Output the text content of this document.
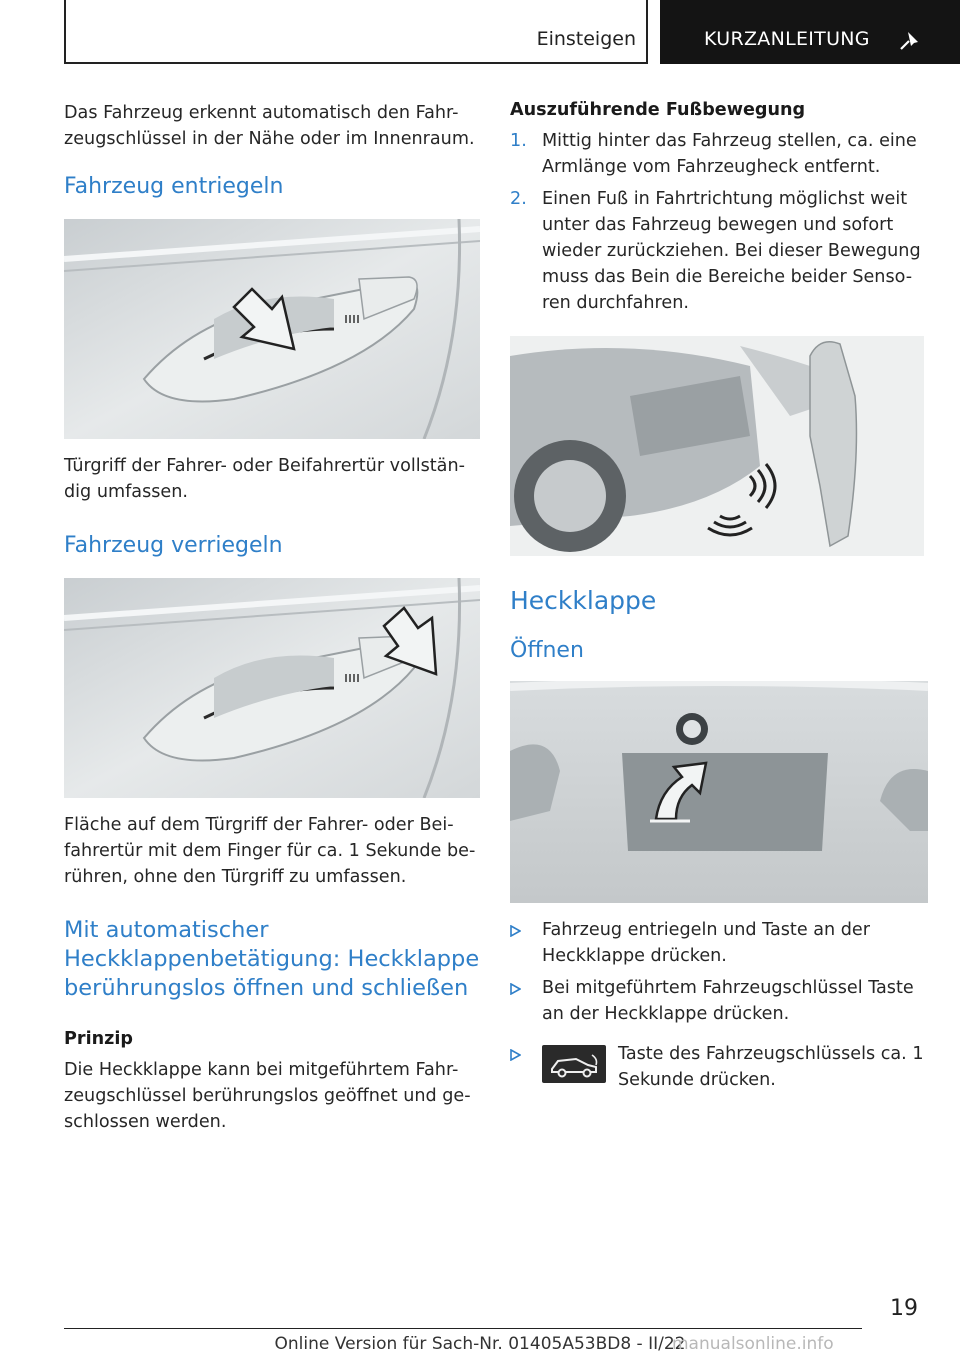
Einsteigen	KURZANLEITUNG

Das Fahrzeug erkennt automatisch den Fahr-zeugschlüssel in der Nähe oder im Innenraum.

Fahrzeug entriegeln

Türgriff der Fahrer- oder Beifahrertür vollstän-dig umfassen.

Fahrzeug verriegeln

Fläche auf dem Türgriff der Fahrer- oder Bei-fahrertür mit dem Finger für ca. 1 Sekunde be-rühren, ohne den Türgriff zu umfassen.

Mit automatischer Heckklappenbetätigung: Heckklappe berührungslos öffnen und schließen
Prinzip

Die Heckklappe kann bei mitgeführtem Fahr-zeugschlüssel berührungslos geöffnet und ge-schlossen werden.

Auszuführende Fußbewegung
1. Mittig hinter das Fahrzeug stellen, ca. eine Armlänge vom Fahrzeugheck entfernt.
2. Einen Fuß in Fahrtrichtung möglichst weit unter das Fahrzeug bewegen und sofort wieder zurückziehen. Bei dieser Bewegung muss das Bein die Bereiche beider Senso-ren durchfahren.
Heckklappe
Öffnen
Fahrzeug entriegeln und Taste an der Heckklappe drücken.
Bei mitgeführtem Fahrzeugschlüssel Taste an der Heckklappe drücken.
Taste des Fahrzeugschlüssels ca. 1 Sekunde drücken.
19
Online Version für Sach-Nr. 01405A53BD8 - II/22
manualsonline.info
